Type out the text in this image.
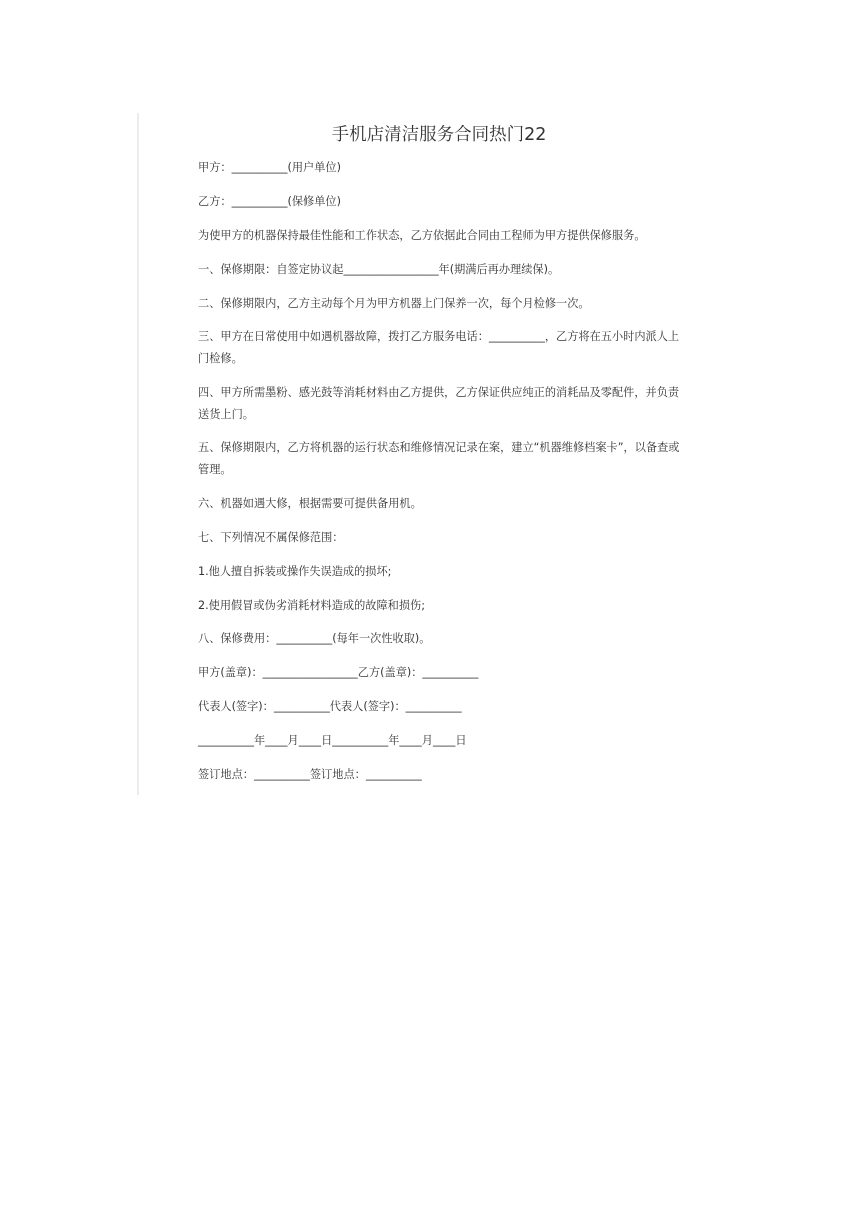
手机店清洁服务合同热门22

甲方：__________(用户单位)

乙方：__________(保修单位)

为使甲方的机器保持最佳性能和工作状态，乙方依据此合同由工程师为甲方提供保修服务。

一、保修期限：自签定协议起_________________年(期满后再办理续保)。

二、保修期限内，乙方主动每个月为甲方机器上门保养一次，每个月检修一次。

三、甲方在日常使用中如遇机器故障，拨打乙方服务电话：__________，乙方将在五小时内派人上门检修。

四、甲方所需墨粉、感光鼓等消耗材料由乙方提供，乙方保证供应纯正的消耗品及零配件，并负责送货上门。

五、保修期限内，乙方将机器的运行状态和维修情况记录在案，建立“机器维修档案卡”，以备查或管理。

六、机器如遇大修，根据需要可提供备用机。

七、下列情况不属保修范围：

1.他人擅自拆装或操作失误造成的损坏;

2.使用假冒或伪劣消耗材料造成的故障和损伤;

八、保修费用：__________(每年一次性收取)。

甲方(盖章)：_________________乙方(盖章)：__________

代表人(签字)：__________代表人(签字)：__________

__________年____月____日__________年____月____日

签订地点：__________签订地点：__________
